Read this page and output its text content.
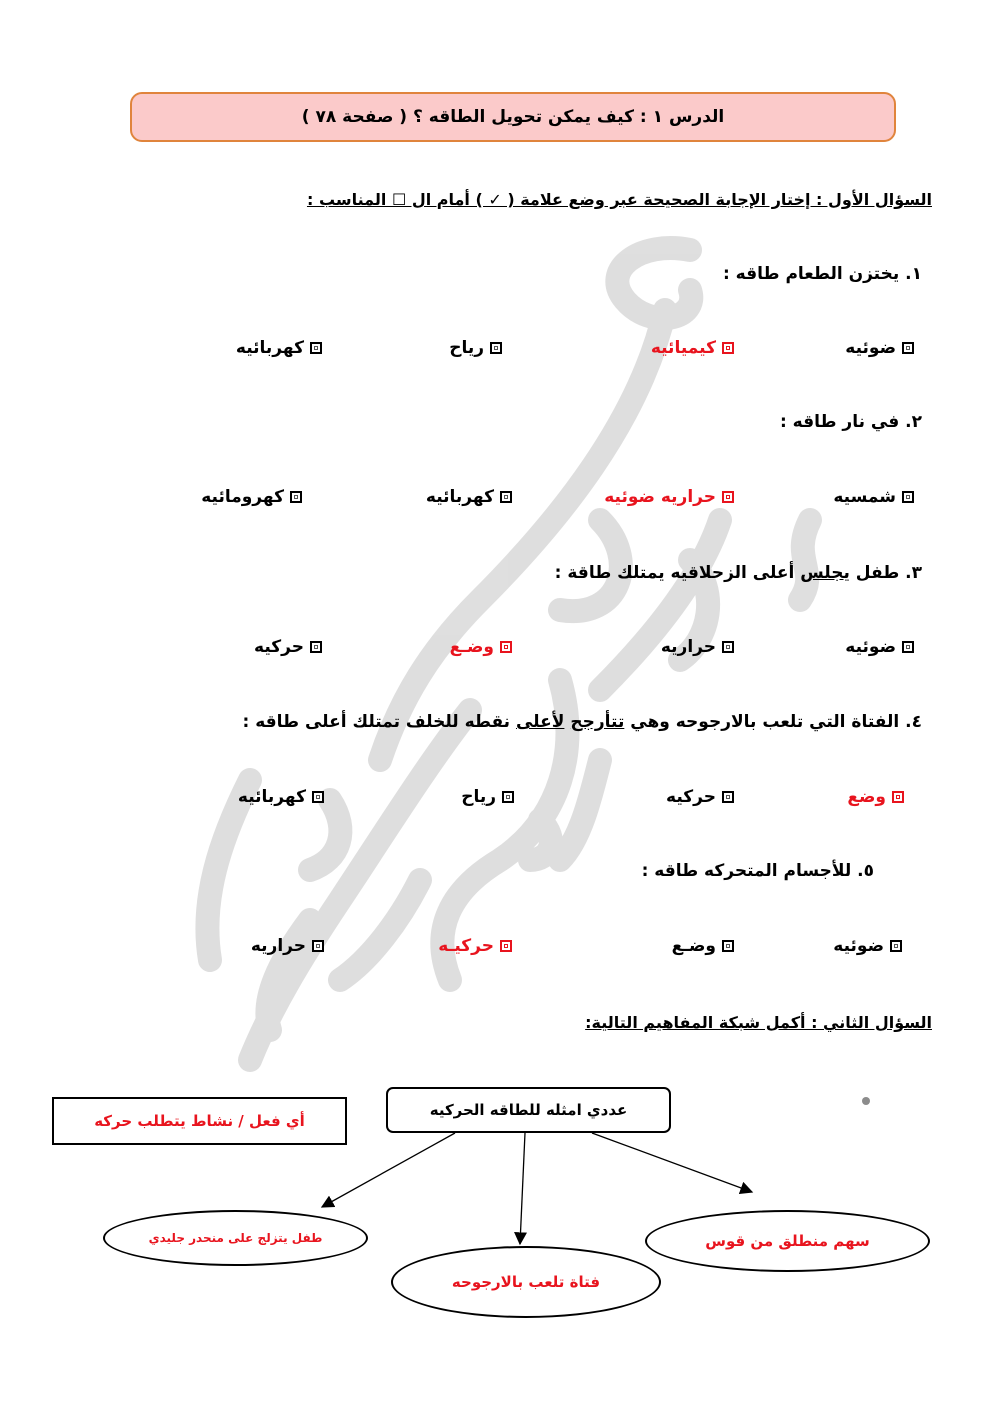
الدرس ١ : كيف يمكن تحويل الطاقه ؟ ( صفحة ٧٨ )
السؤال الأول : إختار الإجابة الصحيحة عبر وضع علامة ( ✓ ) أمام ال ☐ المناسب :
١. يختزن الطعام طاقه :
ضوئيه
كيميائيه
رياح
كهربائيه
٢. في نار طاقه :
شمسيه
حراريه ضوئيه
كهربائيه
كهرومائيه
٣. طفل يجلس أعلى الزحلاقيه يمتلك طاقة :
ضوئيه
حراريه
وضـع
حركيه
٤. الفتاة التي تلعب بالارجوحه وهي تتأرجح لأعلى نقطه للخلف تمتلك أعلى طاقه :
وضع
حركيه
رياح
كهربائيه
٥. للأجسام المتحركه طاقه :
ضوئيه
وضـع
حركيـه
حراريه
السؤال الثاني : أكمل شبكة المفاهيم التالية:
أي فعل / نشاط يتطلب حركه
عددي امثله للطاقه الحركيه
طفل يتزلج على منحدر جليدي	سهم منطلق من قوس
فتاة تلعب بالارجوحه
